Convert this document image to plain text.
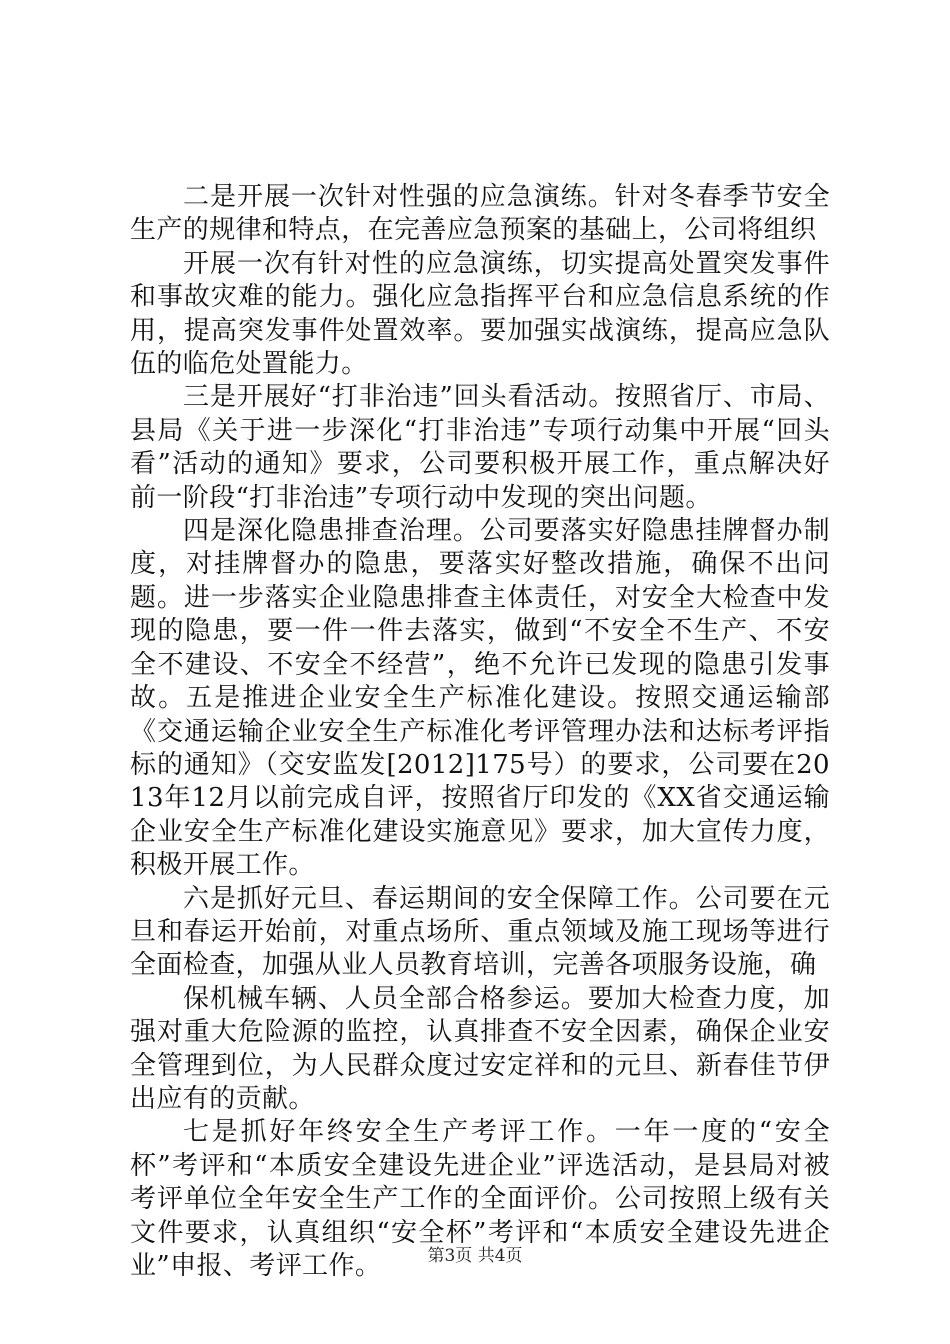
二是开展一次针对性强的应急演练。针对冬春季节安全生产的规律和特点，在完善应急预案的基础上，公司将组织

开展一次有针对性的应急演练，切实提高处置突发事件和事故灾难的能力。强化应急指挥平台和应急信息系统的作用，提高突发事件处置效率。要加强实战演练，提高应急队伍的临危处置能力。

三是开展好“打非治违”回头看活动。按照省厅、市局、县局《关于进一步深化“打非治违”专项行动集中开展“回头看”活动的通知》要求，公司要积极开展工作，重点解决好前一阶段“打非治违”专项行动中发现的突出问题。

四是深化隐患排查治理。公司要落实好隐患挂牌督办制度，对挂牌督办的隐患，要落实好整改措施，确保不出问题。进一步落实企业隐患排查主体责任，对安全大检查中发现的隐患，要一件一件去落实，做到“不安全不生产、不安全不建设、不安全不经营”，绝不允许已发现的隐患引发事故。五是推进企业安全生产标准化建设。按照交通运输部《交通运输企业安全生产标准化考评管理办法和达标考评指标的通知》（交安监发[2012]175号）的要求，公司要在2013年12月以前完成自评，按照省厅印发的《XX省交通运输企业安全生产标准化建设实施意见》要求，加大宣传力度，积极开展工作。

六是抓好元旦、春运期间的安全保障工作。公司要在元旦和春运开始前，对重点场所、重点领域及施工现场等进行全面检查，加强从业人员教育培训，完善各项服务设施，确

保机械车辆、人员全部合格参运。要加大检查力度，加强对重大危险源的监控，认真排查不安全因素，确保企业安全管理到位，为人民群众度过安定祥和的元旦、新春佳节伊出应有的贡献。

七是抓好年终安全生产考评工作。一年一度的“安全杯”考评和“本质安全建设先进企业”评选活动，是县局对被考评单位全年安全生产工作的全面评价。公司按照上级有关文件要求，认真组织“安全杯”考评和“本质安全建设先进企业”申报、考评工作。	第3页 共4页
